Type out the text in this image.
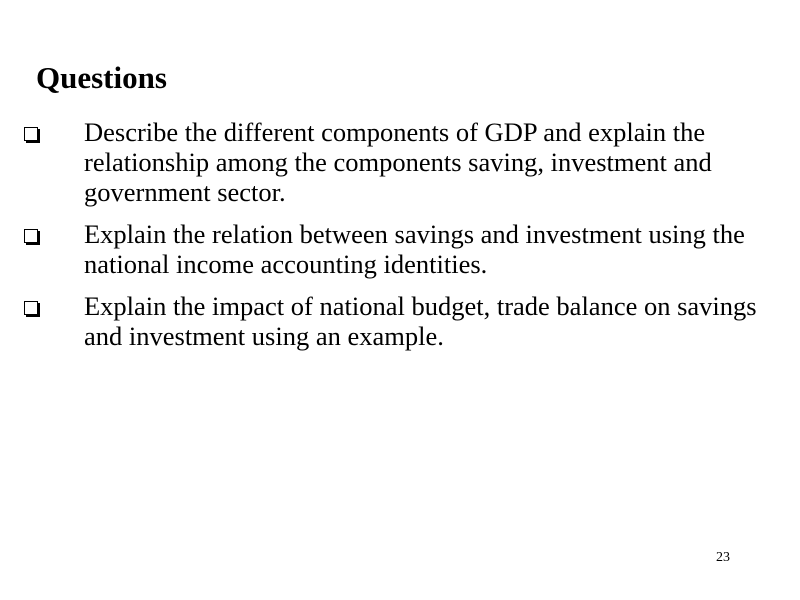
Questions
Describe the different components of GDP and explain the relationship among the components saving, investment and government sector.
Explain the relation between savings and investment using the national income accounting identities.
Explain the impact of national budget, trade balance on savings and investment using an example.
23
